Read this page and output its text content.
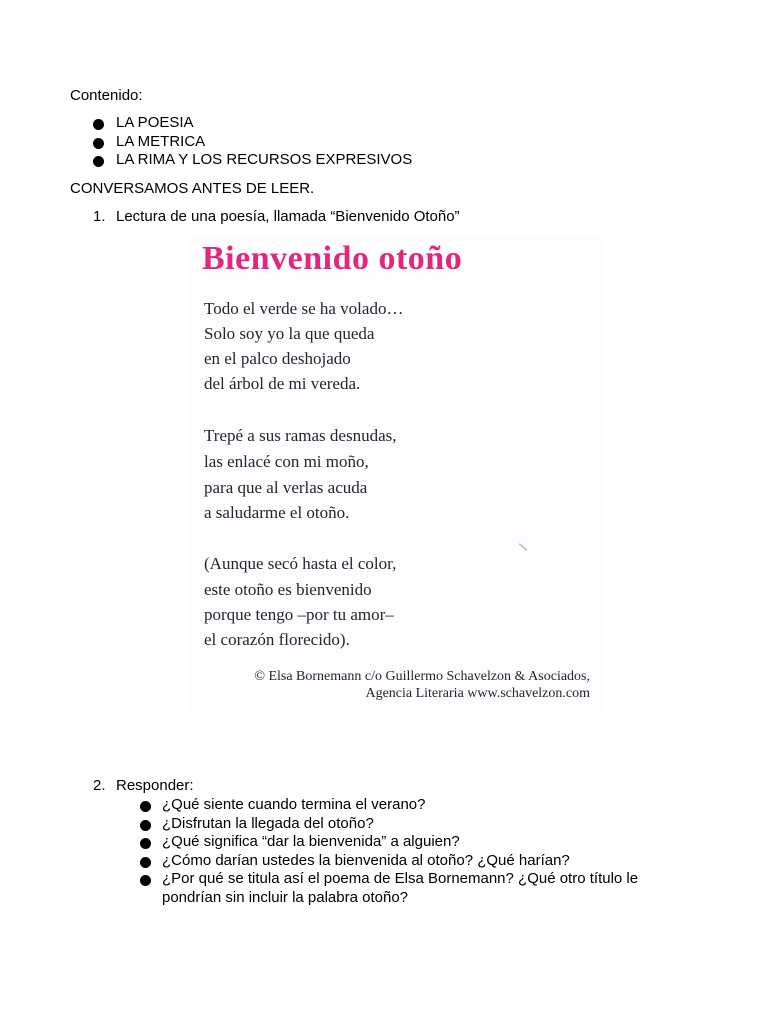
Contenido:
LA POESIA
LA METRICA
LA RIMA Y LOS RECURSOS EXPRESIVOS
CONVERSAMOS ANTES DE LEER.
1. Lectura de una poesía, llamada “Bienvenido Otoño”
Bienvenido otoño
Todo el verde se ha volado…
Solo soy yo la que queda
en el palco deshojado
del árbol de mi vereda.
Trepé a sus ramas desnudas,
las enlacé con mi moño,
para que al verlas acuda
a saludarme el otoño.
(Aunque secó hasta el color,
este otoño es bienvenido
porque tengo –por tu amor–
el corazón florecido).
© Elsa Bornemann c/o Guillermo Schavelzon & Asociados,
Agencia Literaria www.schavelzon.com
2. Responder:
¿Qué siente cuando termina el verano?
¿Disfrutan la llegada del otoño?
¿Qué significa “dar la bienvenida” a alguien?
¿Cómo darían ustedes la bienvenida al otoño? ¿Qué harían?
¿Por qué se titula así el poema de Elsa Bornemann? ¿Qué otro título le
pondrían sin incluir la palabra otoño?
